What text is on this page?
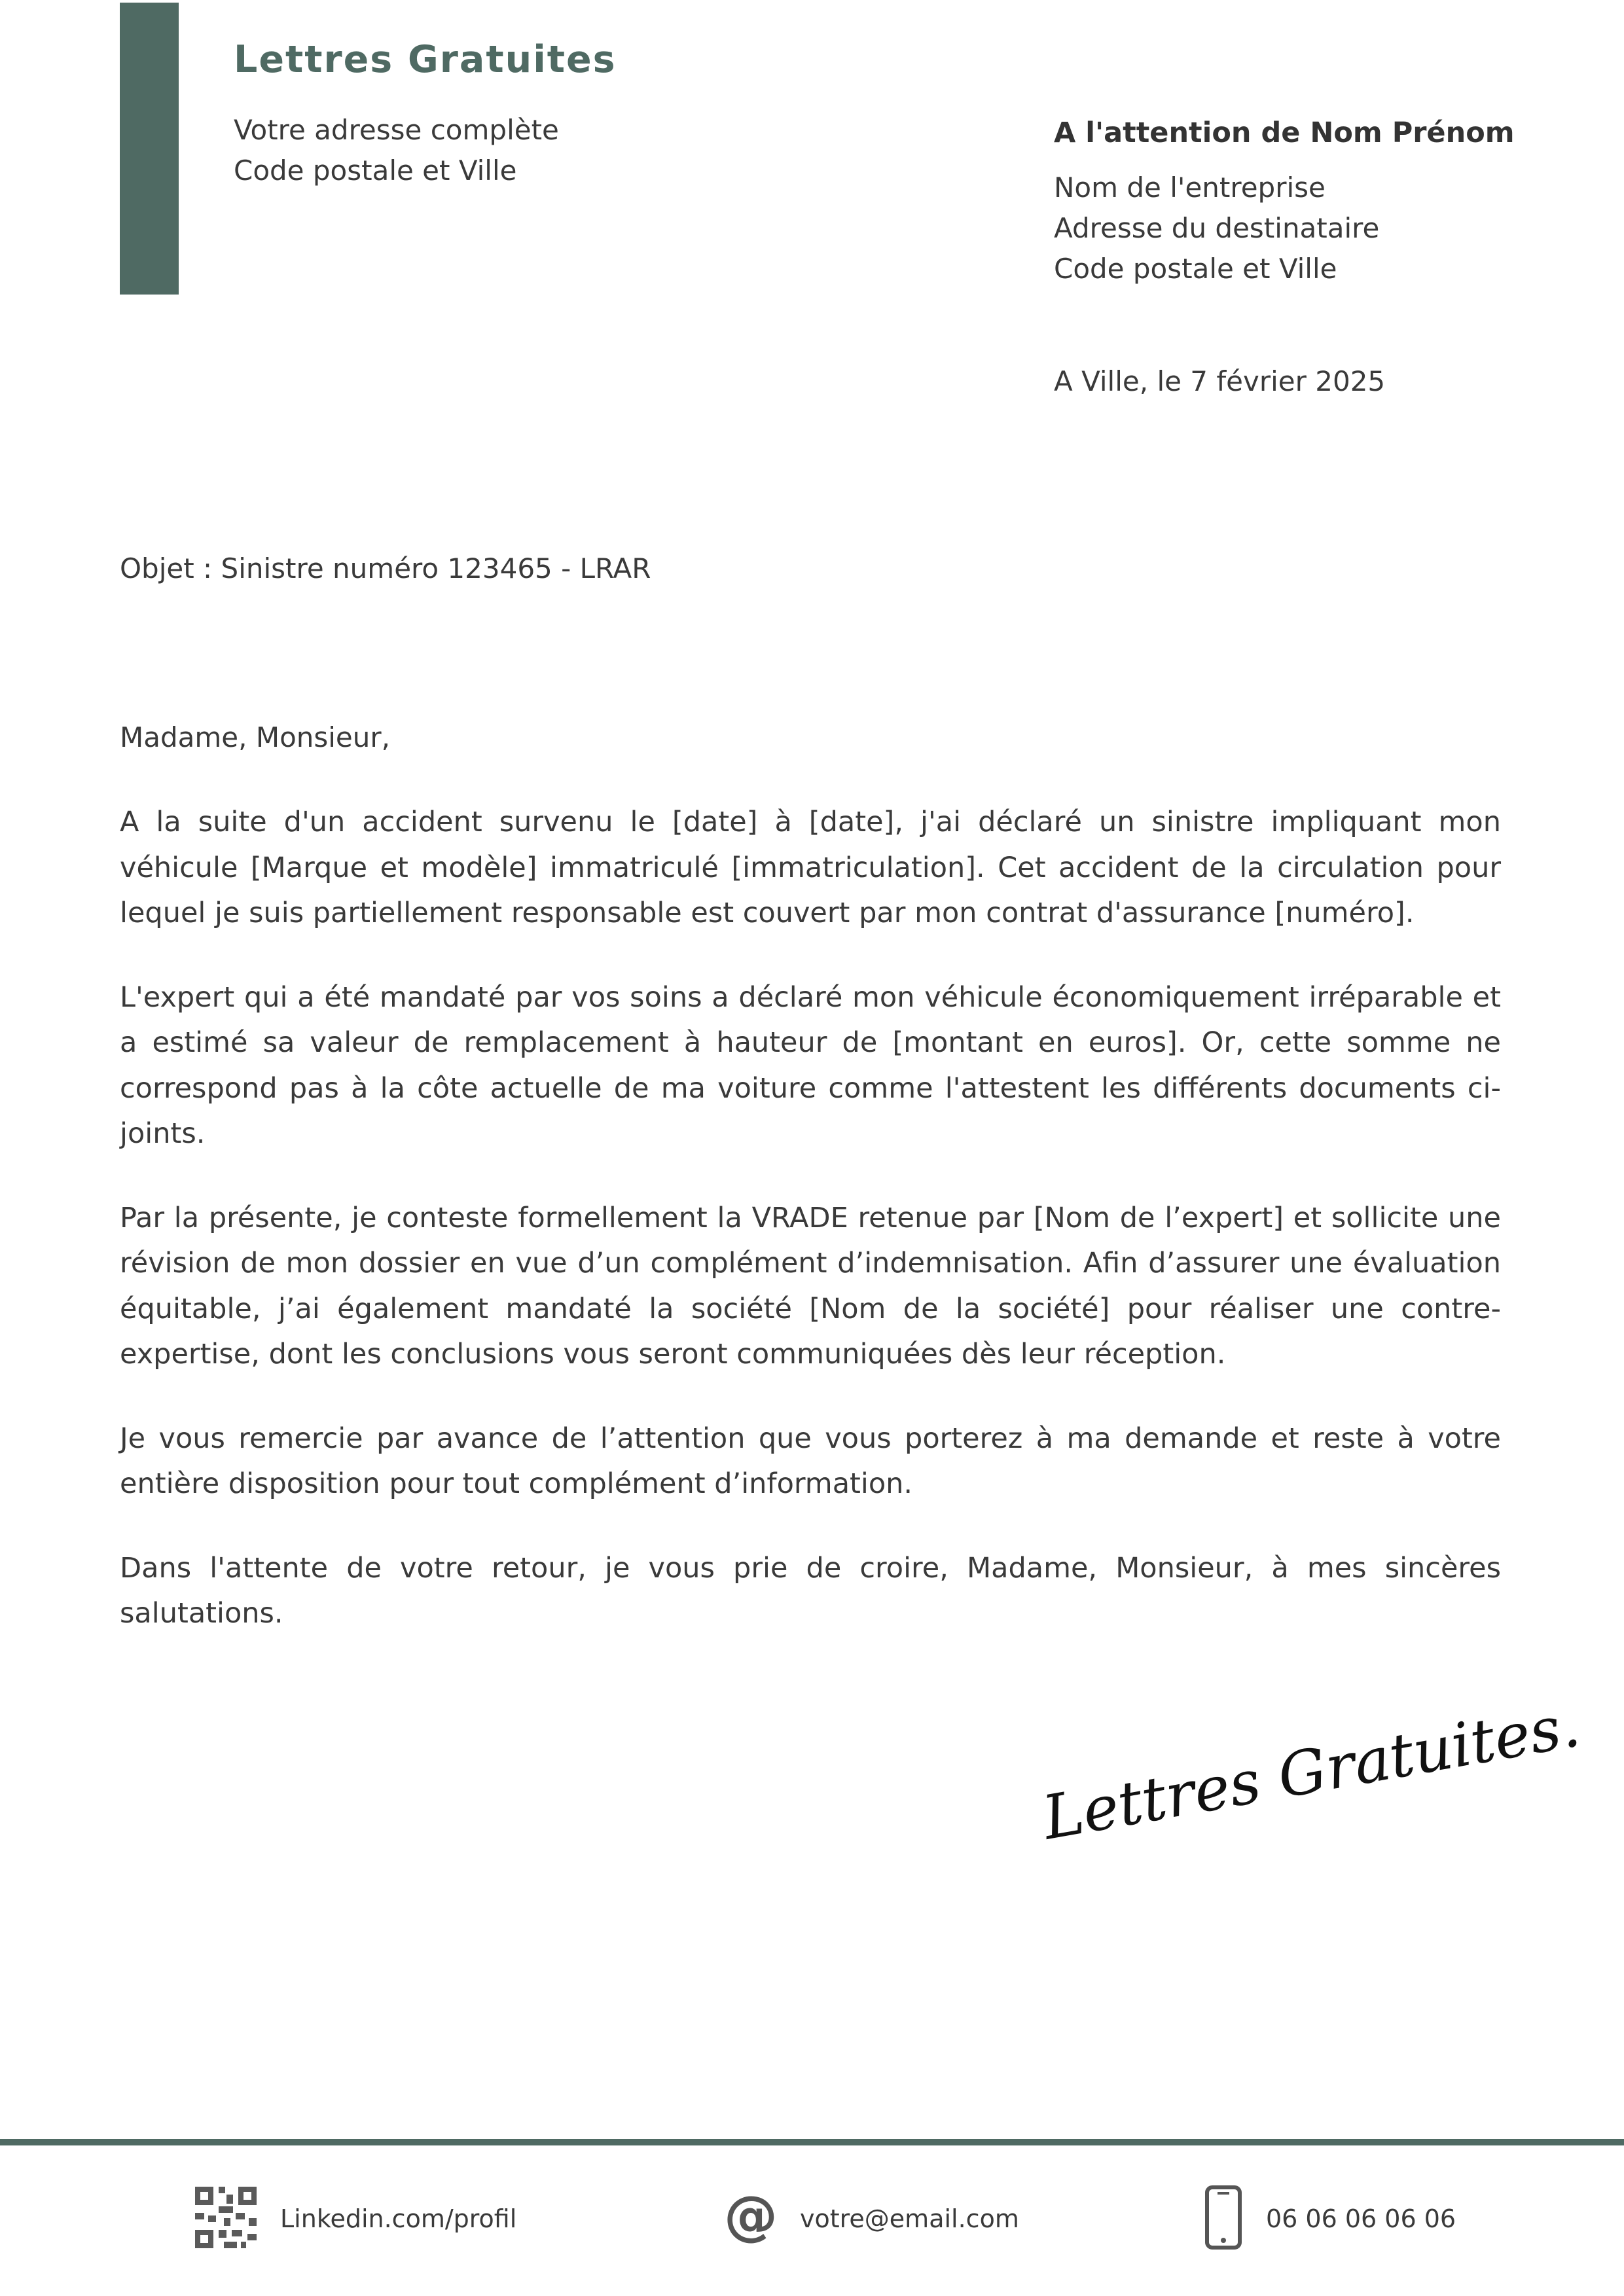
Lettres Gratuites
Votre adresse complète
Code postale et Ville
A l'attention de Nom Prénom
Nom de l'entreprise
Adresse du destinataire
Code postale et Ville
A Ville, le 7 février 2025
Objet : Sinistre numéro 123465 - LRAR
Madame, Monsieur,

A la suite d'un accident survenu le [date] à [date], j'ai déclaré un sinistre impliquant mon véhicule [Marque et modèle] immatriculé [immatriculation]. Cet accident de la circulation pour lequel je suis partiellement responsable est couvert par mon contrat d'assurance [numéro].

L'expert qui a été mandaté par vos soins a déclaré mon véhicule économiquement irréparable et a estimé sa valeur de remplacement à hauteur de [montant en euros]. Or, cette somme ne correspond pas à la côte actuelle de ma voiture comme l'attestent les différents documents ci-joints.

Par la présente, je conteste formellement la VRADE retenue par [Nom de l’expert] et sollicite une révision de mon dossier en vue d’un complément d’indemnisation. Afin d’assurer une évaluation équitable, j’ai également mandaté la société [Nom de la société] pour réaliser une contre-expertise, dont les conclusions vous seront communiquées dès leur réception.

Je vous remercie par avance de l’attention que vous porterez à ma demande et reste à votre entière disposition pour tout complément d’information.

Dans l'attente de votre retour, je vous prie de croire, Madame, Monsieur, à mes sincères salutations.

Lettres Gratuites.
Linkedin.com/profil	@ votre@email.com	06 06 06 06 06
